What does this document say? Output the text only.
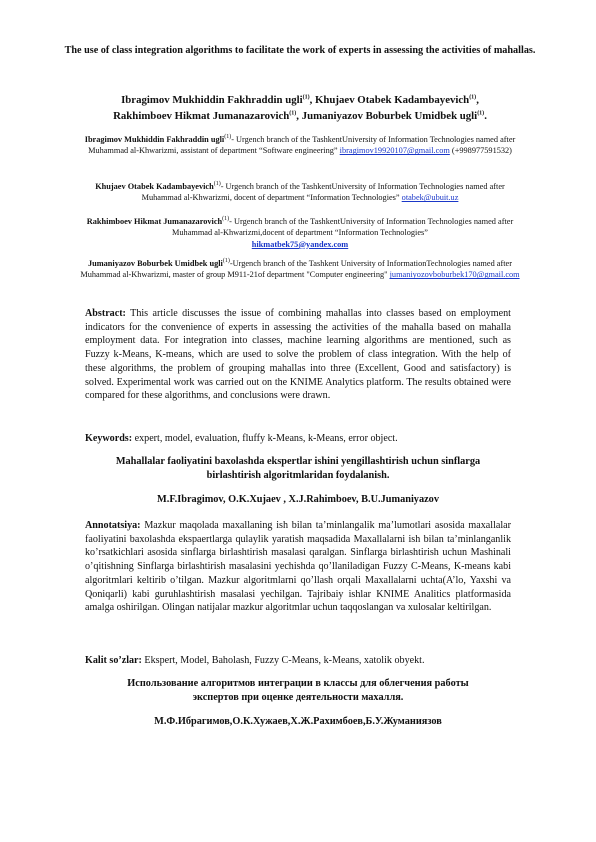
The use of class integration algorithms to facilitate the work of experts in assessing the activities of mahallas.
Ibragimov Mukhiddin Fakhraddin ugli$^{(1)}$, Khujaev Otabek Kadambayevich$^{(1)}$,
Rakhimboev Hikmat Jumanazarovich$^{(1)}$, Jumaniyazov Boburbek Umidbek ugli$^{(1)}$.
Ibragimov Mukhiddin Fakhraddin ugli$^{(1)}$- Urgench branch of the TashkentUniversity of Information Technologies named after Muhammad al-Khwarizmi, assistant of department “Software engineering” ibragimov19920107@gmail.com (+998977591532)
Khujaev Otabek Kadambayevich$^{(1)}$- Urgench branch of the TashkentUniversity of Information Technologies named after Muhammad al-Khwarizmi, docent of department “Information Technologies” otabek@ubuit.uz
Rakhimboev Hikmat Jumanazarovich$^{(1)}$- Urgench branch of the TashkentUniversity of Information Technologies named after Muhammad al-Khwarizmi,docent of department “Information Technologies”
hikmatbek75@yandex.com
Jumaniyazov Boburbek Umidbek ugli$^{(1)}$-Urgench branch of the Tashkent University of InformationTechnologies named after Muhammad al-Khwarizmi, master of group M911-21of department "Computer engineering" jumaniyozovboburbek170@gmail.com
Abstract: This article discusses the issue of combining mahallas into classes based on employment indicators for the convenience of experts in assessing the activities of the mahalla based on mahalla employment data. For integration into classes, machine learning algorithms are mentioned, such as Fuzzy k-Means, K-means, which are used to solve the problem of class integration. With the help of these algorithms, the problem of grouping mahallas into three (Excellent, Good and satisfactory) is solved. Experimental work was carried out on the KNIME Analytics platform. The results obtained were compared for these algorithms, and conclusions were drawn.
Keywords: expert, model, evaluation, fluffy k-Means, k-Means, error object.
Mahallalar faoliyatini baxolashda ekspertlar ishini yengillashtirish uchun sinflarga birlashtirish algoritmlaridan foydalanish.
M.F.Ibragimov, O.K.Xujaev , X.J.Rahimboev, B.U.Jumaniyazov
Annotatsiya: Mazkur maqolada maxallaning ish bilan ta’minlangalik ma’lumotlari asosida maxallalar faoliyatini baxolashda ekspaertlarga qulaylik yaratish maqsadida Maxallalarni ish bilan ta’minlanganlik ko’rsatkichlari asosida sinflarga birlashtirish masalasi qaralgan. Sinflarga birlashtirish uchun Mashinali o’qitishning Sinflarga birlashtirish masalasini yechishda qo’llaniladigan Fuzzy C-Means, K-means kabi algoritmlari keltirib o’tilgan. Mazkur algoritmlarni qo’llash orqali Maxallalarni uchta(A’lo, Yaxshi va Qoniqarli) kabi guruhlashtirish masalasi yechilgan. Tajribaiy ishlar KNIME Analitics platformasida amalga oshirilgan. Olingan natijalar mazkur algoritmlar uchun taqqoslangan va xulosalar keltirilgan.
Kalit so’zlar: Ekspert, Model, Baholash, Fuzzy C-Means, k-Means, xatolik obyekt.
Использование алгоритмов интеграции в классы для облегчения работы экспертов при оценке деятельности махалля.
М.Ф.Ибрагимов,О.К.Хужаев,Х.Ж.Рахимбоев,Б.У.Жуманиязов
